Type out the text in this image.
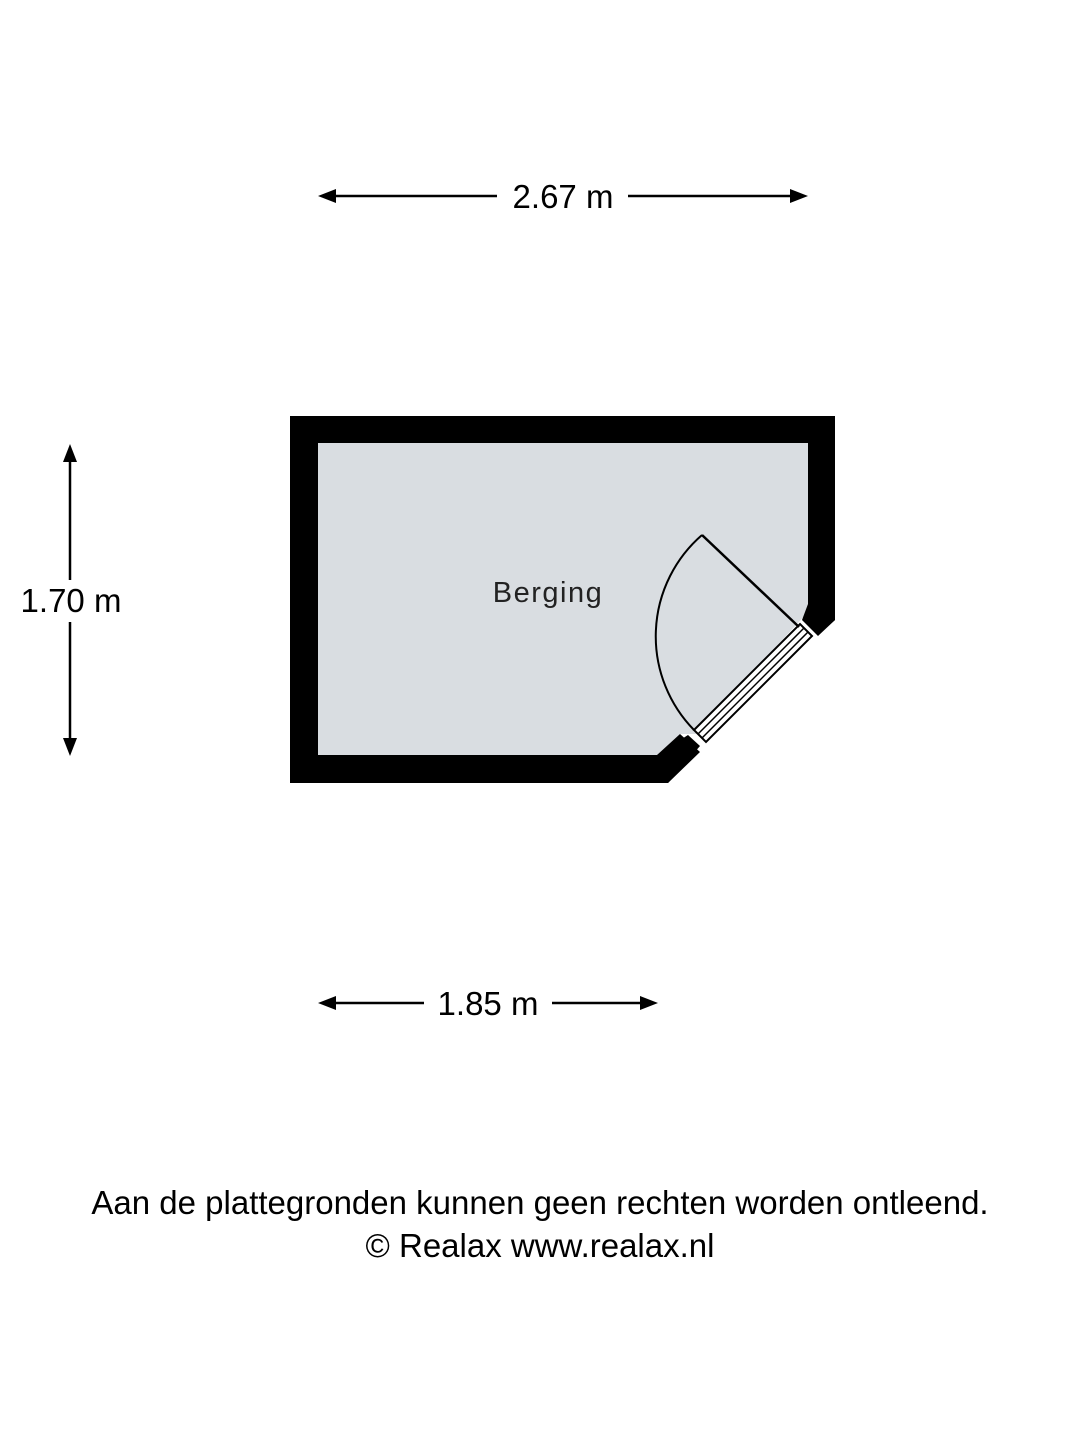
2.67 m
1.70 m	Berging
1.85 m
Aan de plattegronden kunnen geen rechten worden ontleend.
© Realax www.realax.nl
